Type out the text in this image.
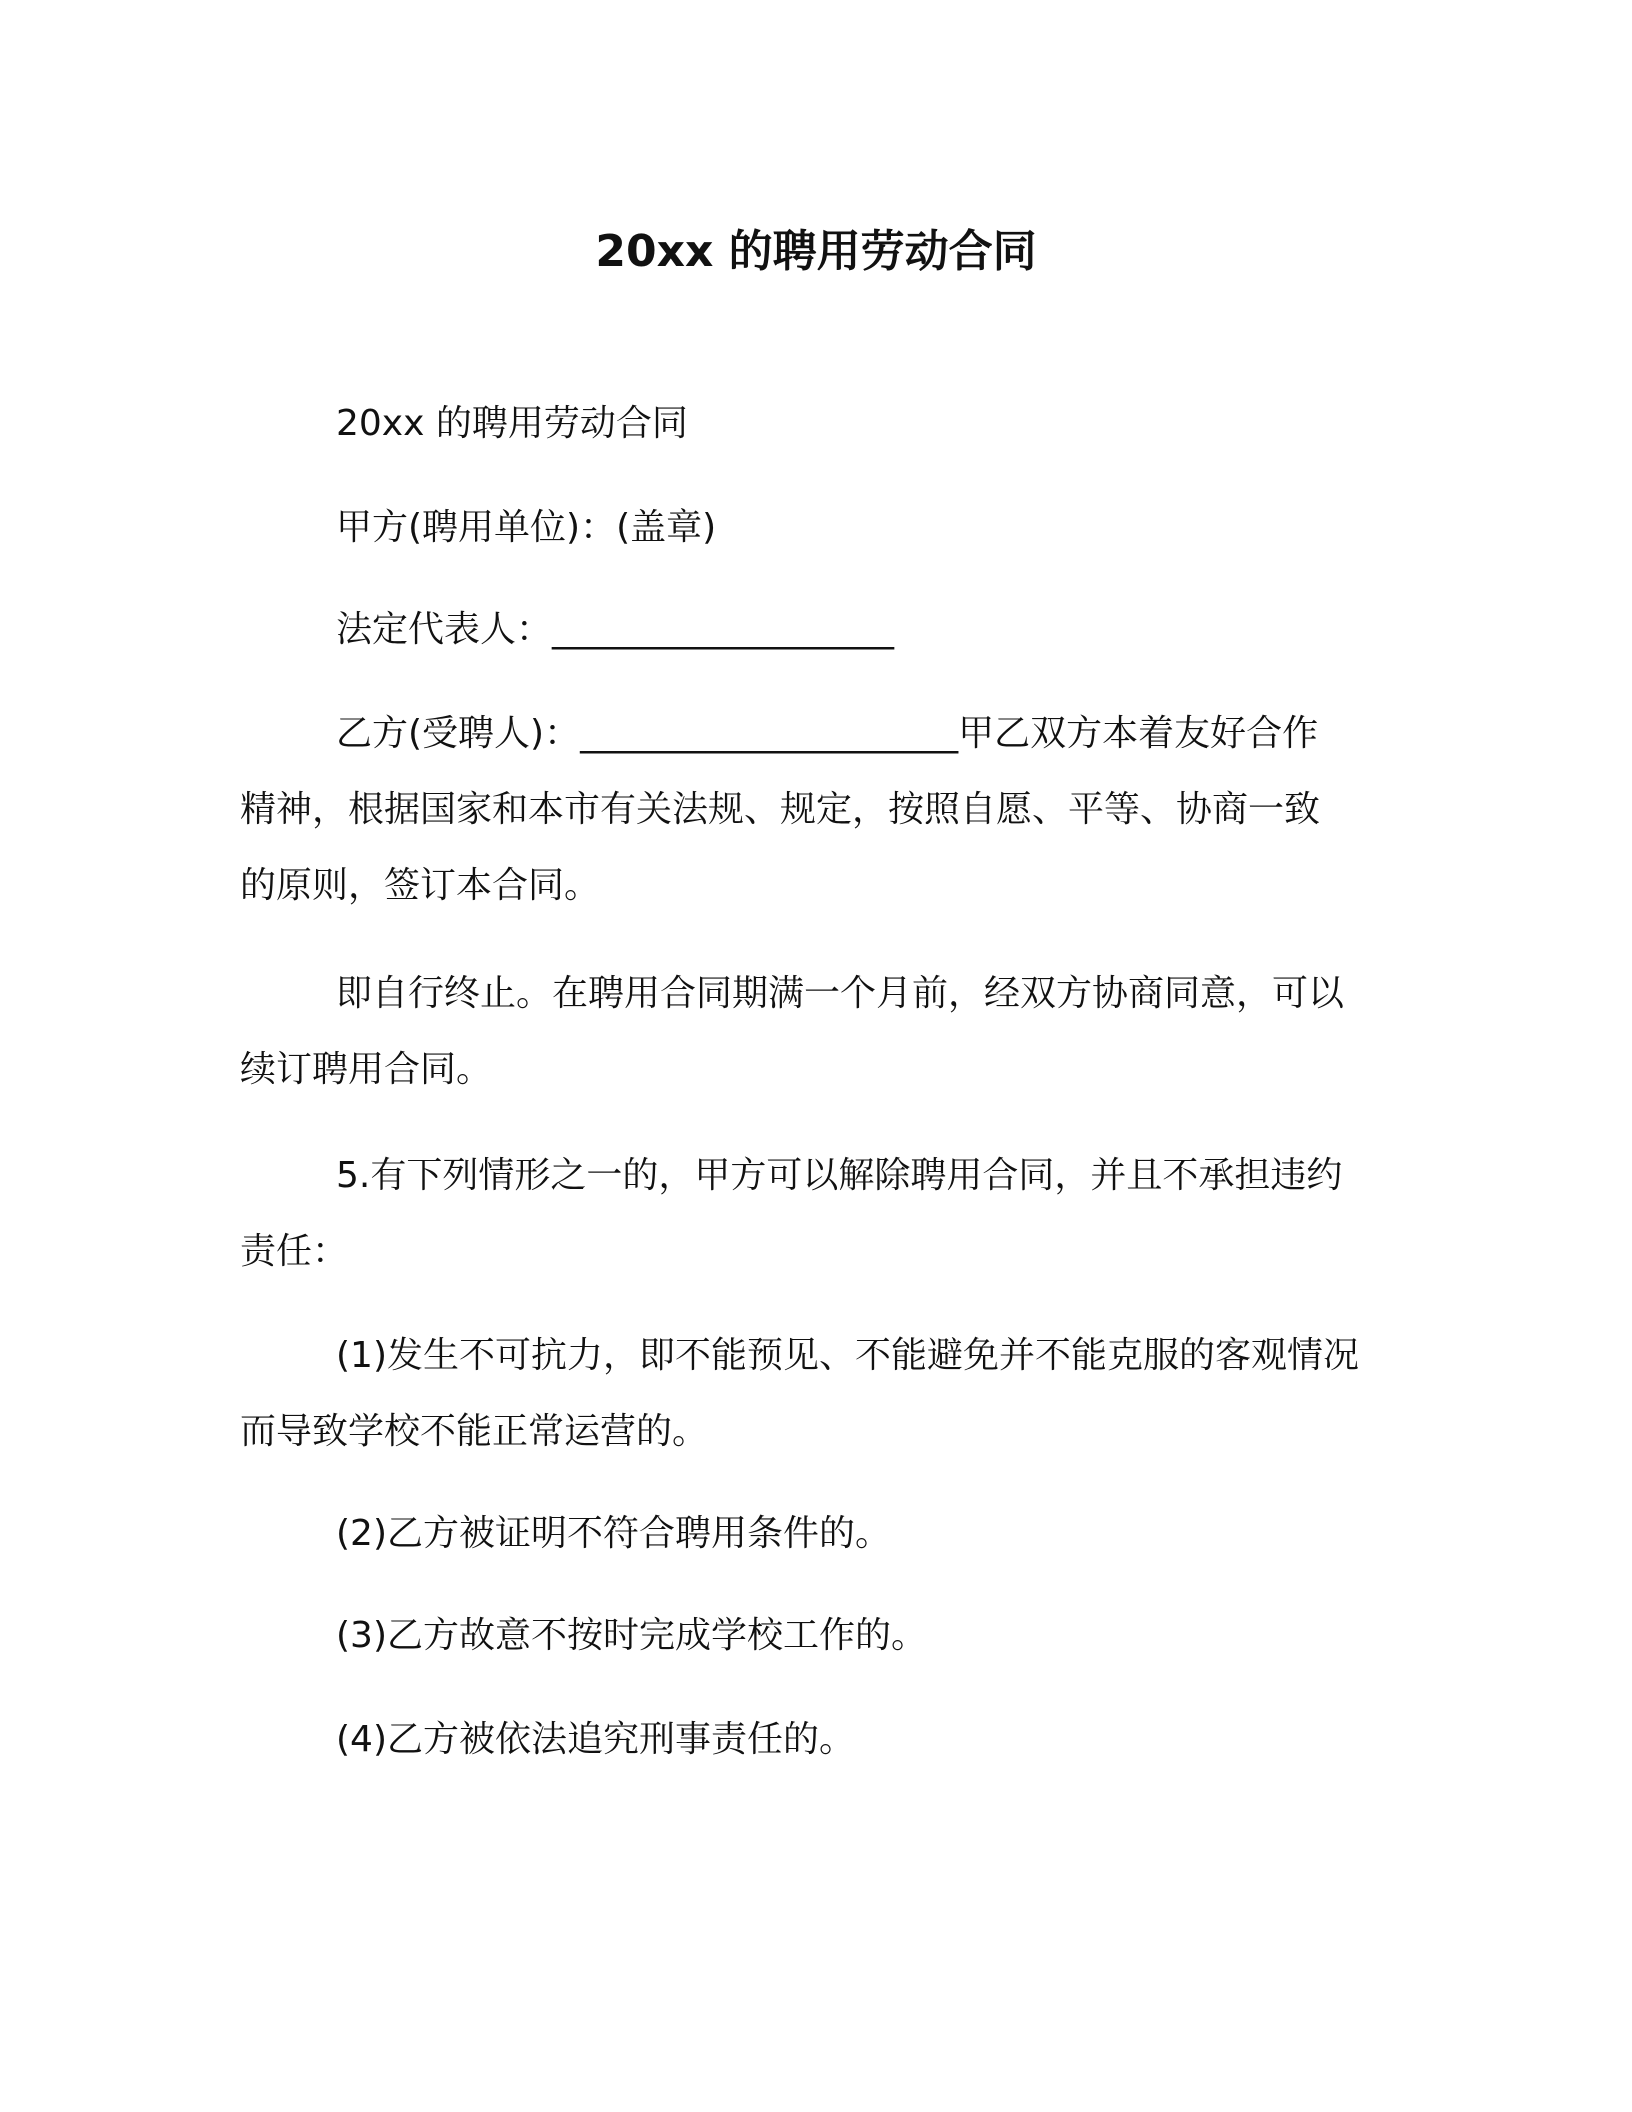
20xx 的聘用劳动合同
20xx 的聘用劳动合同
甲方(聘用单位)：(盖章)
法定代表人：___________________
乙方(受聘人)：_____________________甲乙双方本着友好合作
精神，根据国家和本市有关法规、规定，按照自愿、平等、协商一致
的原则，签订本合同。
即自行终止。在聘用合同期满一个月前，经双方协商同意，可以
续订聘用合同。
5.有下列情形之一的，甲方可以解除聘用合同，并且不承担违约
责任：
(1)发生不可抗力，即不能预见、不能避免并不能克服的客观情况
而导致学校不能正常运营的。
(2)乙方被证明不符合聘用条件的。
(3)乙方故意不按时完成学校工作的。
(4)乙方被依法追究刑事责任的。
